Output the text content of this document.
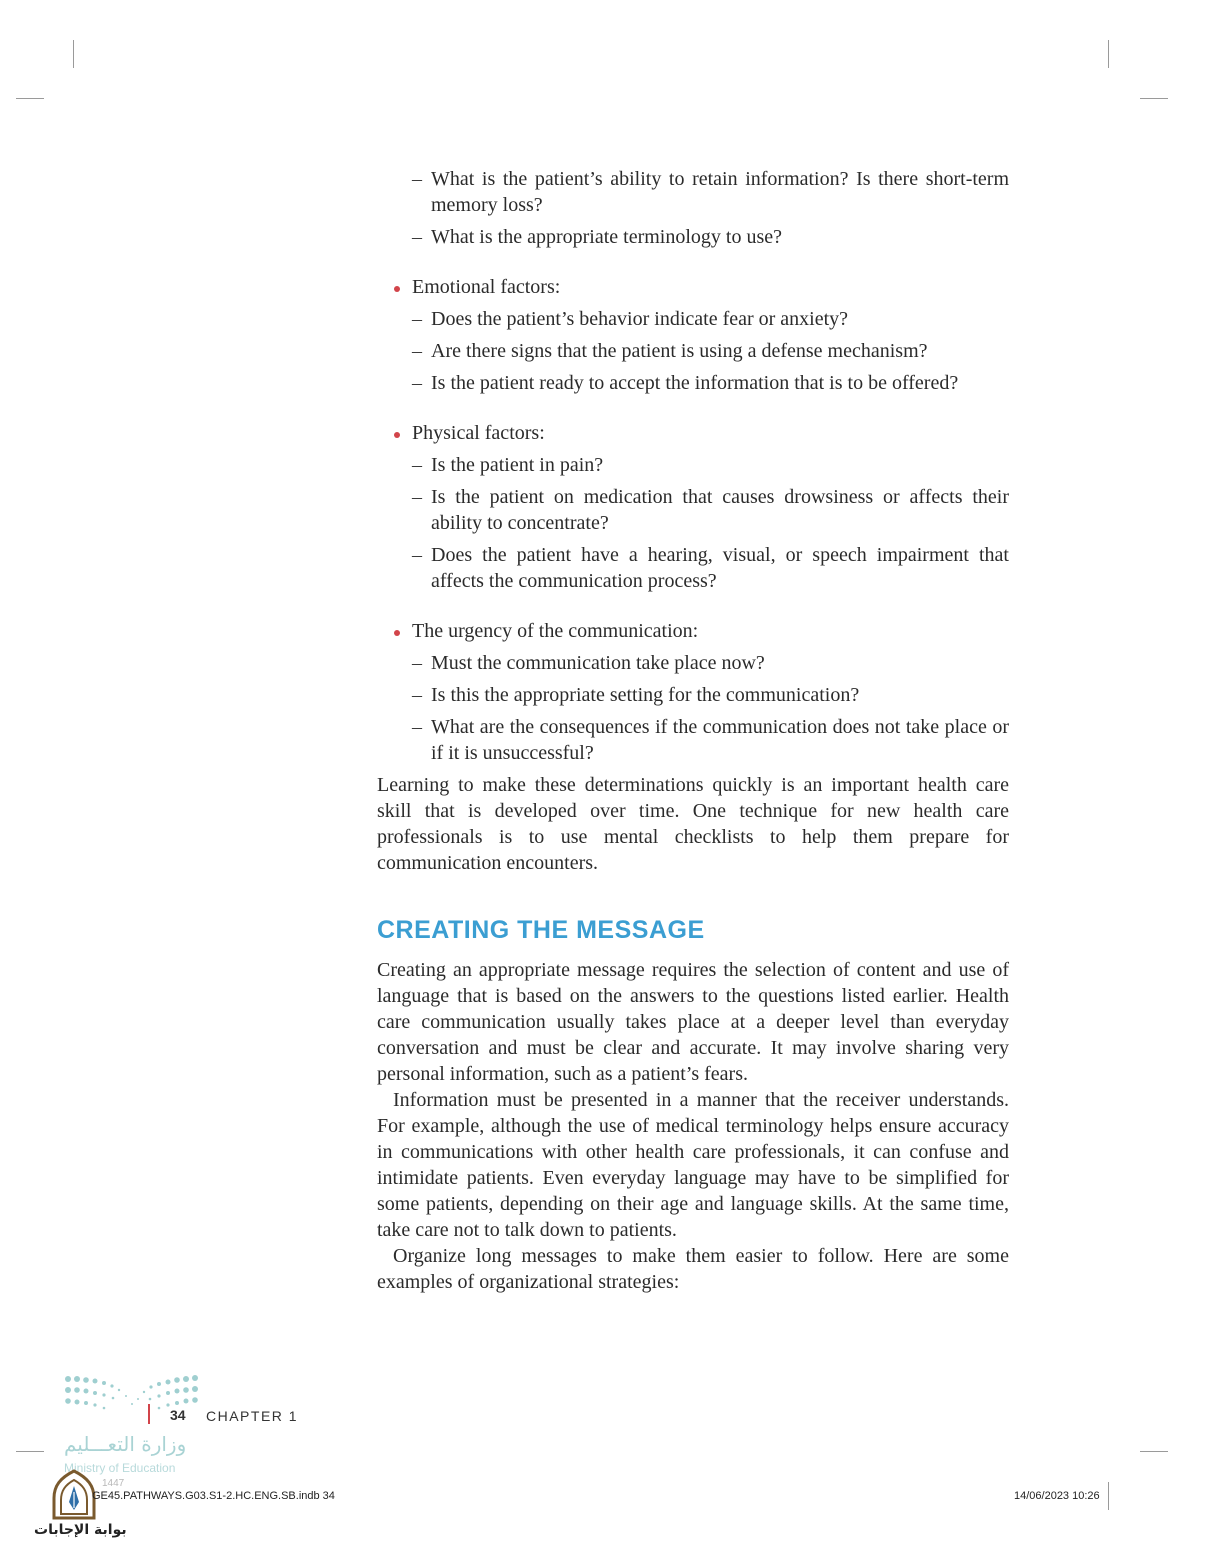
– What is the patient’s ability to retain information? Is there short-term memory loss?
– What is the appropriate terminology to use?
Emotional factors:
– Does the patient’s behavior indicate fear or anxiety?
– Are there signs that the patient is using a defense mechanism?
– Is the patient ready to accept the information that is to be offered?
Physical factors:
– Is the patient in pain?
– Is the patient on medication that causes drowsiness or affects their ability to concentrate?
– Does the patient have a hearing, visual, or speech impairment that affects the communication process?
The urgency of the communication:
– Must the communication take place now?
– Is this the appropriate setting for the communication?
– What are the consequences if the communication does not take place or if it is unsuccessful?

Learning to make these determinations quickly is an important health care skill that is developed over time. One technique for new health care professionals is to use mental checklists to help them prepare for communication encounters.

CREATING THE MESSAGE

Creating an appropriate message requires the selection of content and use of language that is based on the answers to the questions listed earlier. Health care communication usually takes place at a deeper level than everyday conversation and must be clear and accurate. It may involve sharing very personal information, such as a patient’s fears.

Information must be presented in a manner that the receiver understands. For example, although the use of medical terminology helps ensure accuracy in communications with other health care professionals, it can confuse and intimidate patients. Even everyday language may have to be simplified for some patients, depending on their age and language skills. At the same time, take care not to talk down to patients.

Organize long messages to make them easier to follow. Here are some examples of organizational strategies:

34 CHAPTER 1
وزارة التعـــليم
Ministry of Education
1447
بوابة الإجابات
GE45.PATHWAYS.G03.S1-2.HC.ENG.SB.indb 34	14/06/2023 10:26
